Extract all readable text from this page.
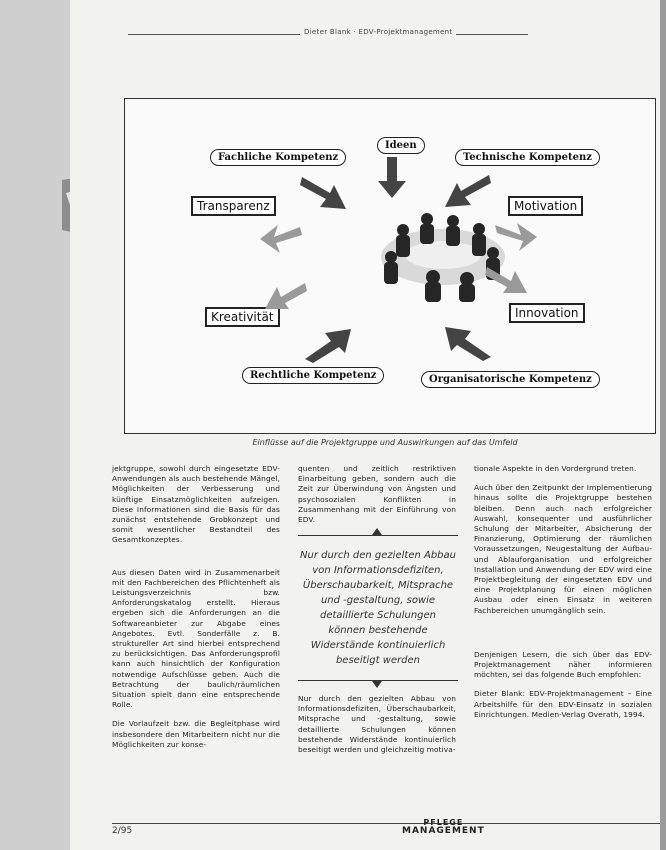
Dieter Blank · EDV-Projektmanagement
Fachliche Kompetenz
Ideen
Technische Kompetenz
Transparenz	Motivation
Kreativität	Innovation
Rechtliche Kompetenz	Organisatorische Kompetenz
Einflüsse auf die Projektgruppe und Auswirkungen auf das Umfeld

jektgruppe, sowohl durch eingesetzte EDV-Anwendungen als auch bestehende Mängel, Möglichkeiten der Verbesserung und künftige Einsatzmöglichkeiten aufzeigen. Diese Informationen sind die Basis für das zunächst entstehende Grobkonzept und somit wesentlicher Bestandteil des Gesamtkonzeptes.

Aus diesen Daten wird in Zusammenarbeit mit den Fachbereichen des Pflichtenheft als Leistungsverzeichnis bzw. Anforderungskatalog erstellt. Hieraus ergeben sich die Anforderungen an die Softwareanbieter zur Abgabe eines Angebotes. Evtl. Sonderfälle z. B. struktureller Art sind hierbei entsprechend zu berücksichtigen. Das Anforderungsprofil kann auch hinsichtlich der Konfiguration notwendige Aufschlüsse geben. Auch die Betrachtung der baulich/räumlichen Situation spielt dann eine entsprechende Rolle.

Die Vorlaufzeit bzw. die Begleitphase wird insbesondere den Mitarbeitern nicht nur die Möglichkeiten zur konse-

quenten und zeitlich restriktiven Einarbeitung geben, sondern auch die Zeit zur Überwindung von Ängsten und psychosozialen Konflikten in Zusammenhang mit der Einführung von EDV.

Nur durch den gezielten Abbau von Informationsdefiziten, Überschaubarkeit, Mitsprache und -gestaltung, sowie detaillierte Schulungen können bestehende Widerstände kontinuierlich beseitigt werden

Nur durch den gezielten Abbau von Informationsdefiziten, Überschaubarkeit, Mitsprache und -gestaltung, sowie detaillierte Schulungen können bestehende Widerstände kontinuierlich beseitigt werden und gleichzeitig motiva-

tionale Aspekte in den Vordergrund treten.

Auch über den Zeitpunkt der Implementierung hinaus sollte die Projektgruppe bestehen bleiben. Denn auch nach erfolgreicher Auswahl, konsequenter und ausführlicher Schulung der Mitarbeiter, Absicherung der Finanzierung, Optimierung der räumlichen Voraussetzungen, Neugestaltung der Aufbau- und Ablauforganisation und erfolgreicher Installation und Anwendung der EDV wird eine Projektbegleitung der eingesetzten EDV und eine Projektplanung für einen möglichen Ausbau oder einen Einsatz in weiteren Fachbereichen unumgänglich sein.

Denjenigen Lesern, die sich über das EDV-Projektmanagement näher informieren möchten, sei das folgende Buch empfohlen:

Dieter Blank: EDV-Projektmanagement – Eine Arbeitshilfe für den EDV-Einsatz in sozialen Einrichtungen. Medien-Verlag Overath, 1994.

2/95
PFLEGE
MANAGEMENT
